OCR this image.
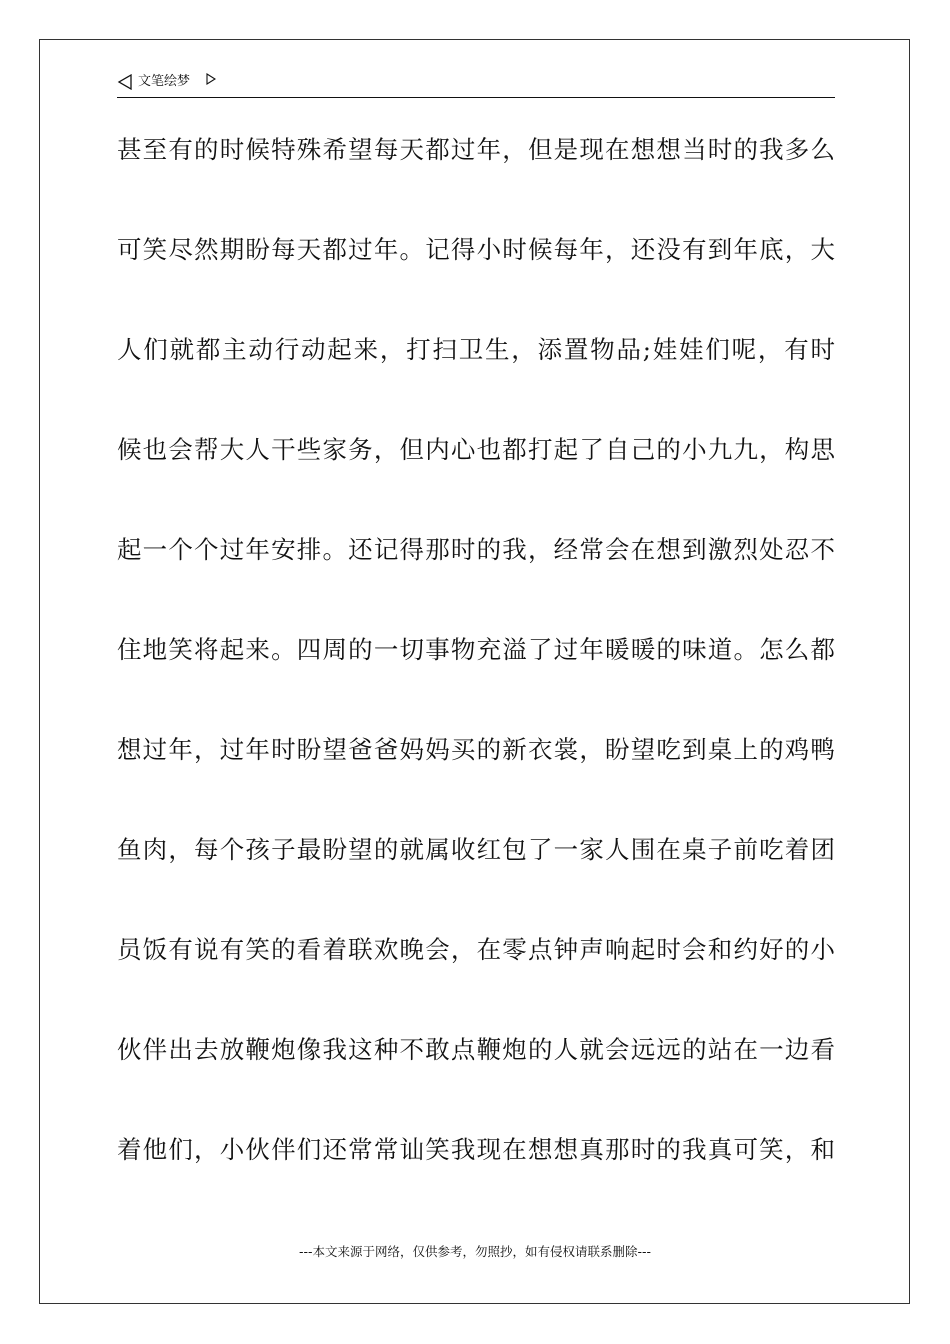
文笔绘梦
甚至有的时候特殊希望每天都过年，但是现在想想当时的我多么
可笑尽然期盼每天都过年。记得小时候每年，还没有到年底，大
人们就都主动行动起来，打扫卫生，添置物品;娃娃们呢，有时
候也会帮大人干些家务，但内心也都打起了自己的小九九，构思
起一个个过年安排。还记得那时的我，经常会在想到激烈处忍不
住地笑将起来。四周的一切事物充溢了过年暖暖的味道。怎么都
想过年，过年时盼望爸爸妈妈买的新衣裳，盼望吃到桌上的鸡鸭
鱼肉，每个孩子最盼望的就属收红包了一家人围在桌子前吃着团
员饭有说有笑的看着联欢晚会，在零点钟声响起时会和约好的小
伙伴出去放鞭炮像我这种不敢点鞭炮的人就会远远的站在一边看
着他们，小伙伴们还常常讪笑我现在想想真那时的我真可笑，和
---本文来源于网络，仅供参考，勿照抄，如有侵权请联系删除---
